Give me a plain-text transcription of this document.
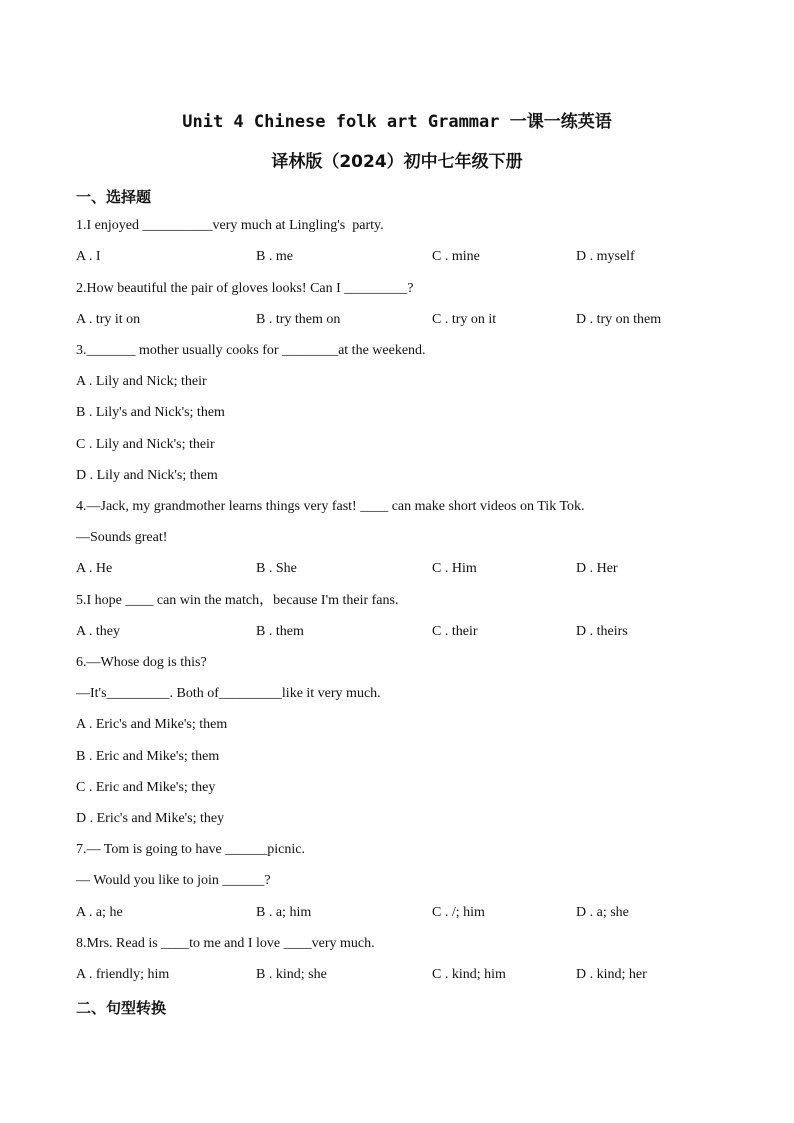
Unit 4 Chinese folk art Grammar 一课一练英语
译林版（2024）初中七年级下册
一、选择题
1.I enjoyed __________very much at Lingling's  party.
A . I	B . me	C . mine	D . myself
2.How beautiful the pair of gloves looks! Can I _________?
A . try it on	B . try them on	C . try on it	D . try on them
3._______ mother usually cooks for ________at the weekend.
A . Lily and Nick; their
B . Lily's and Nick's; them
C . Lily and Nick's; their
D . Lily and Nick's; them
4.—Jack, my grandmother learns things very fast! ____ can make short videos on Tik Tok.
—Sounds great!
A . He	B . She	C . Him	D . Her
5.I hope ____ can win the match，because I'm their fans.
A . they	B . them	C . their	D . theirs
6.—Whose dog is this?
—It's_________. Both of_________like it very much.
A . Eric's and Mike's; them
B . Eric and Mike's; them
C . Eric and Mike's; they
D . Eric's and Mike's; they
7.— Tom is going to have ______picnic.
— Would you like to join ______?
A . a; he	B . a; him	C . /; him	D . a; she
8.Mrs. Read is ____to me and I love ____very much.
A . friendly; him	B . kind; she	C . kind; him	D . kind; her
二、句型转换
